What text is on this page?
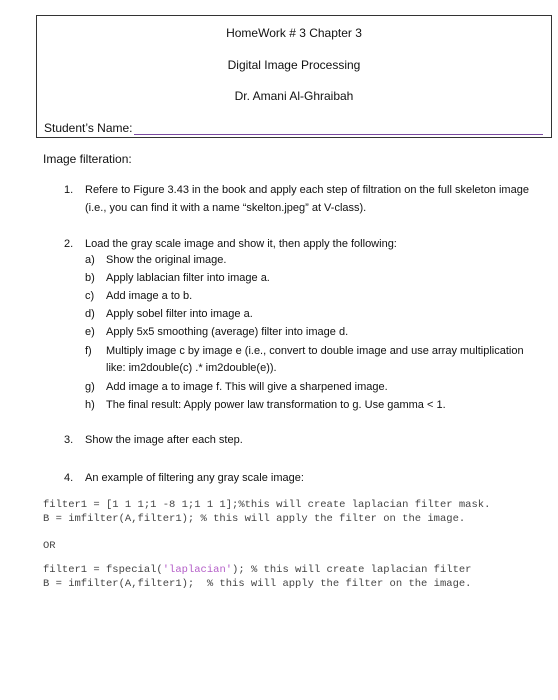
HomeWork # 3 Chapter 3
Digital Image Processing
Dr. Amani Al-Ghraibah
Student’s Name:
Image filteration:
1. Refere to Figure 3.43 in the book and apply each step of filtration on the full skeleton image (i.e., you can find it with a name “skelton.jpeg” at V-class).
2. Load the gray scale image and show it, then apply the following:
a) Show the original image.
b) Apply lablacian filter into image a.
c) Add image a to b.
d) Apply sobel filter into image a.
e) Apply 5x5 smoothing (average) filter into image d.
f) Multiply image c by image e (i.e., convert to double image and use array multiplication like: im2double(c) .* im2double(e)).
g) Add image a to image f. This will give a sharpened image.
h) The final result: Apply power law transformation to g. Use gamma < 1.
3. Show the image after each step.
4. An example of filtering any gray scale image:
filter1 = [1 1 1;1 -8 1;1 1 1];%this will create laplacian filter mask.
B = imfilter(A,filter1); % this will apply the filter on the image.
OR
filter1 = fspecial('laplacian'); % this will create laplacian filter
B = imfilter(A,filter1);  % this will apply the filter on the image.
